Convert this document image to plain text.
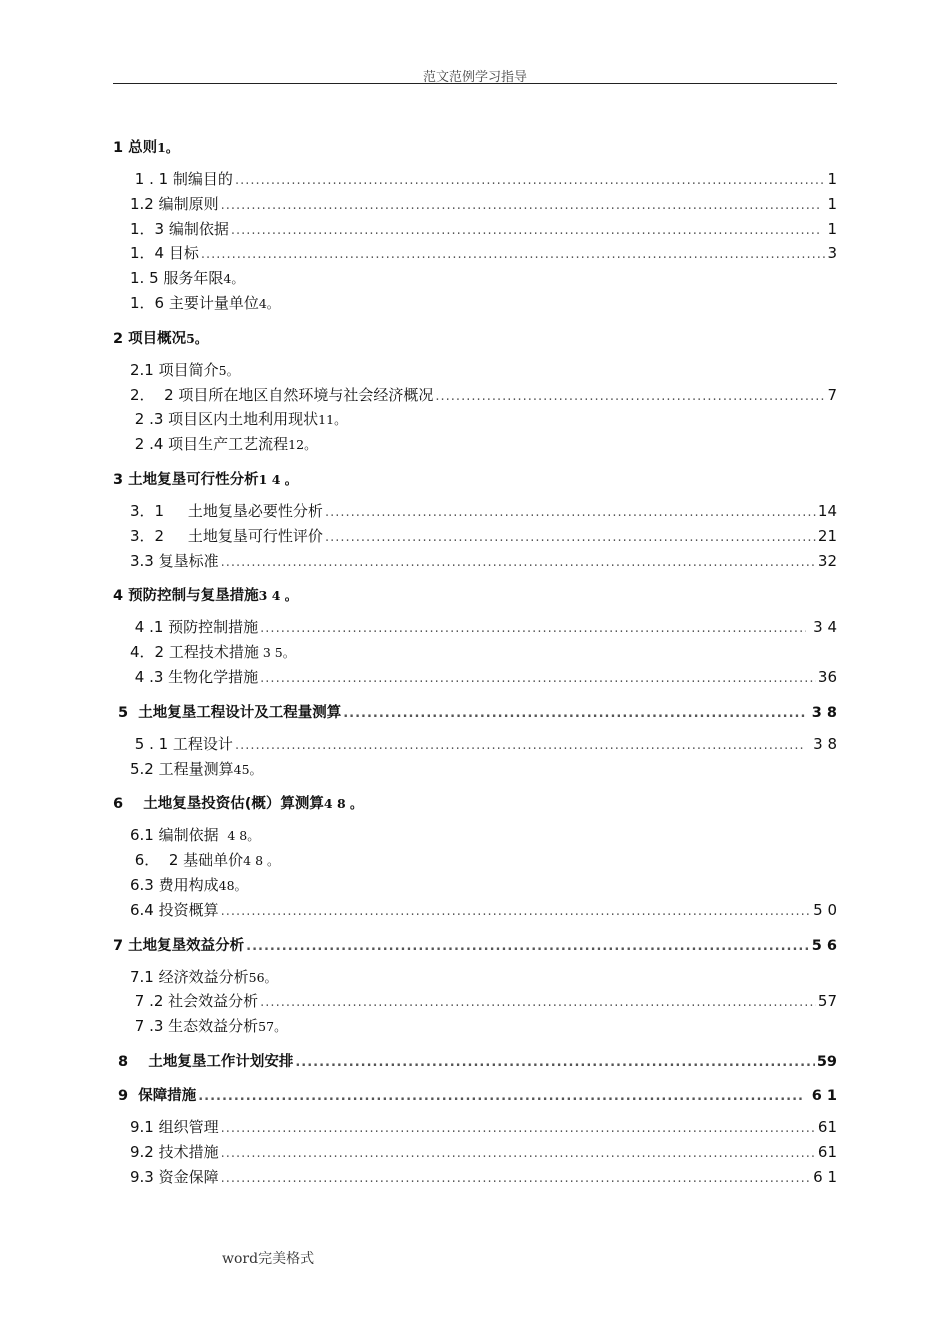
范文范例学习指导
1 总则 1。
1 . 1 制编目的 .....	1
1.2 编制原则 .....	1
1．3 编制依据 .....	1
1．4 目标 .....	3
1. 5 服务年限 4。
1．6 主要计量单位 4。
2 项目概况 5。
2.1 项目简介 5。
2．  2 项目所在地区自然环境与社会经济概况 .....	7
2 .3 项目区内土地利用现状 11。
2 .4 项目生产工艺流程 12。
3 土地复垦可行性分析 1 4 。
3．1     土地复垦必要性分析 .....	14
3．2     土地复垦可行性评价 .....	21
3.3 复垦标准 .....	32
4 预防控制与复垦措施 3 4 。
4 .1 预防控制措施 .....	3 4
4．2 工程技术措施 3 5。
4 .3 生物化学措施 .....	36
5  土地复垦工程设计及工程量测算 .....	3 8
5 . 1 工程设计 .....	3 8
5.2 工程量测算 45。
6    土地复垦投资估(概）算测算 4 8 。
6.1 编制依据 4 8。
6．  2 基础单价 4 8 。
6.3 费用构成 48。
6.4 投资概算 .....	5 0
7 土地复垦效益分析 .....	5 6
7.1 经济效益分析 56。
7 .2 社会效益分析 .....	57
7 .3 生态效益分析 57。
8    土地复垦工作计划安排 .....	59
9  保障措施 .....	6 1
9.1 组织管理 .....	61
9.2 技术措施 .....	61
9.3 资金保障 .....	6 1
word完美格式
